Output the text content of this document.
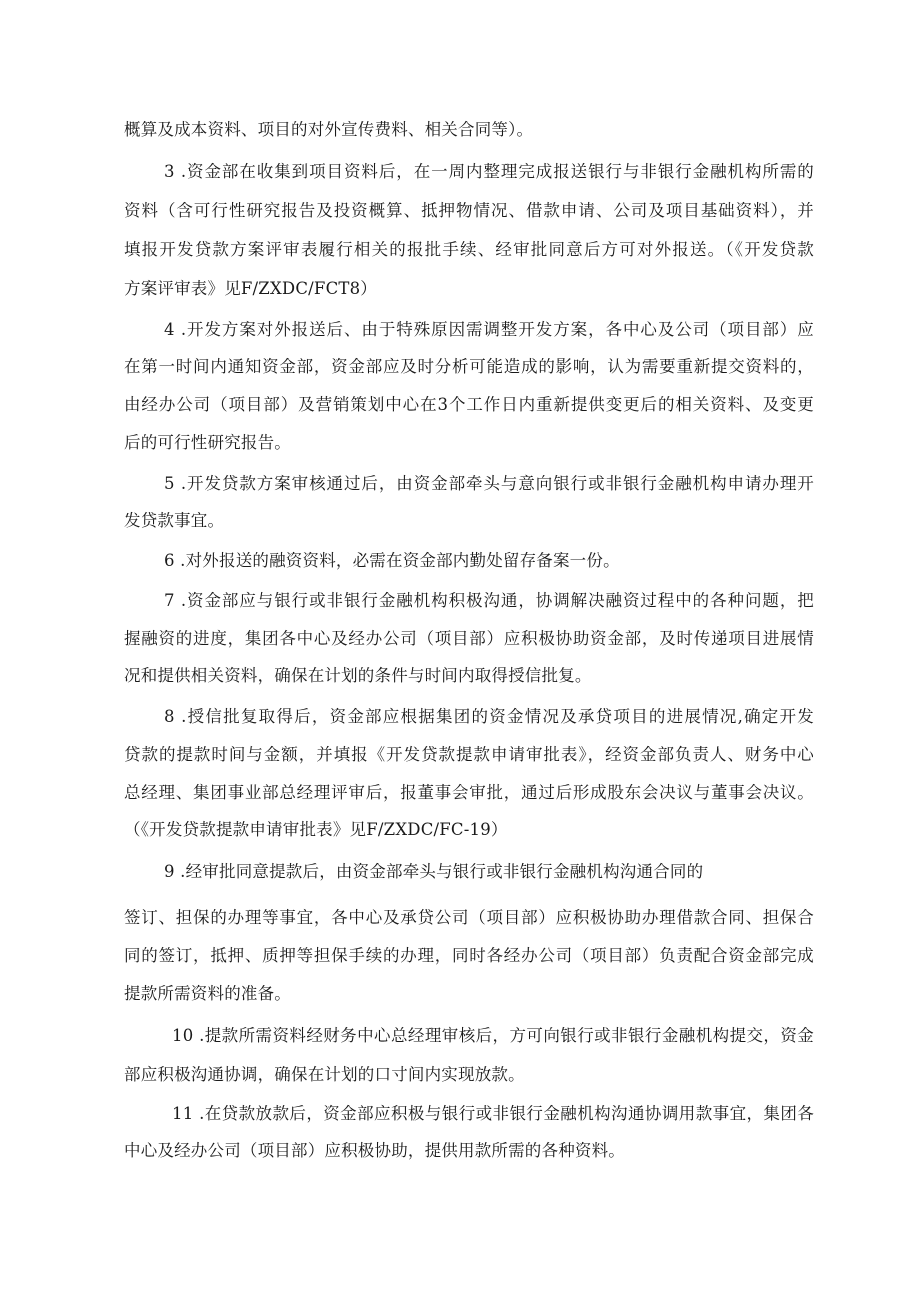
概算及成本资料、项目的对外宣传费料、相关合同等）。
3 .资金部在收集到项目资料后，在一周内整理完成报送银行与非银行金融机构所需的
资料（含可行性研究报告及投资概算、抵押物情况、借款申请、公司及项目基础资料），并
填报开发贷款方案评审表履行相关的报批手续、经审批同意后方可对外报送。（《开发贷款
方案评审表》见F/ZXDC/FCT8）
4 .开发方案对外报送后、由于特殊原因需调整开发方案，各中心及公司（项目部）应
在第一时间内通知资金部，资金部应及时分析可能造成的影响，认为需要重新提交资料的，
由经办公司（项目部）及营销策划中心在3个工作日内重新提供变更后的相关资料、及变更
后的可行性研究报告。
5 .开发贷款方案审核通过后，由资金部牵头与意向银行或非银行金融机构申请办理开
发贷款事宜。
6 .对外报送的融资资料，必需在资金部内勤处留存备案一份。
7 .资金部应与银行或非银行金融机构积极沟通，协调解决融资过程中的各种问题，把
握融资的进度，集团各中心及经办公司（项目部）应积极协助资金部，及时传递项目进展情
况和提供相关资料，确保在计划的条件与时间内取得授信批复。
8 .授信批复取得后，资金部应根据集团的资金情况及承贷项目的进展情况,确定开发
贷款的提款时间与金额，并填报《开发贷款提款申请审批表》，经资金部负责人、财务中心
总经理、集团事业部总经理评审后，报董事会审批，通过后形成股东会决议与董事会决议。
（《开发贷款提款申请审批表》见F/ZXDC/FC-19）
9 .经审批同意提款后，由资金部牵头与银行或非银行金融机构沟通合同的
签订、担保的办理等事宜，各中心及承贷公司（项目部）应积极协助办理借款合同、担保合
同的签订，抵押、质押等担保手续的办理，同时各经办公司（项目部）负责配合资金部完成
提款所需资料的准备。
10 .提款所需资料经财务中心总经理审核后，方可向银行或非银行金融机构提交，资金
部应积极沟通协调，确保在计划的口寸间内实现放款。
11 .在贷款放款后，资金部应积极与银行或非银行金融机构沟通协调用款事宜，集团各
中心及经办公司（项目部）应积极协助，提供用款所需的各种资料。
